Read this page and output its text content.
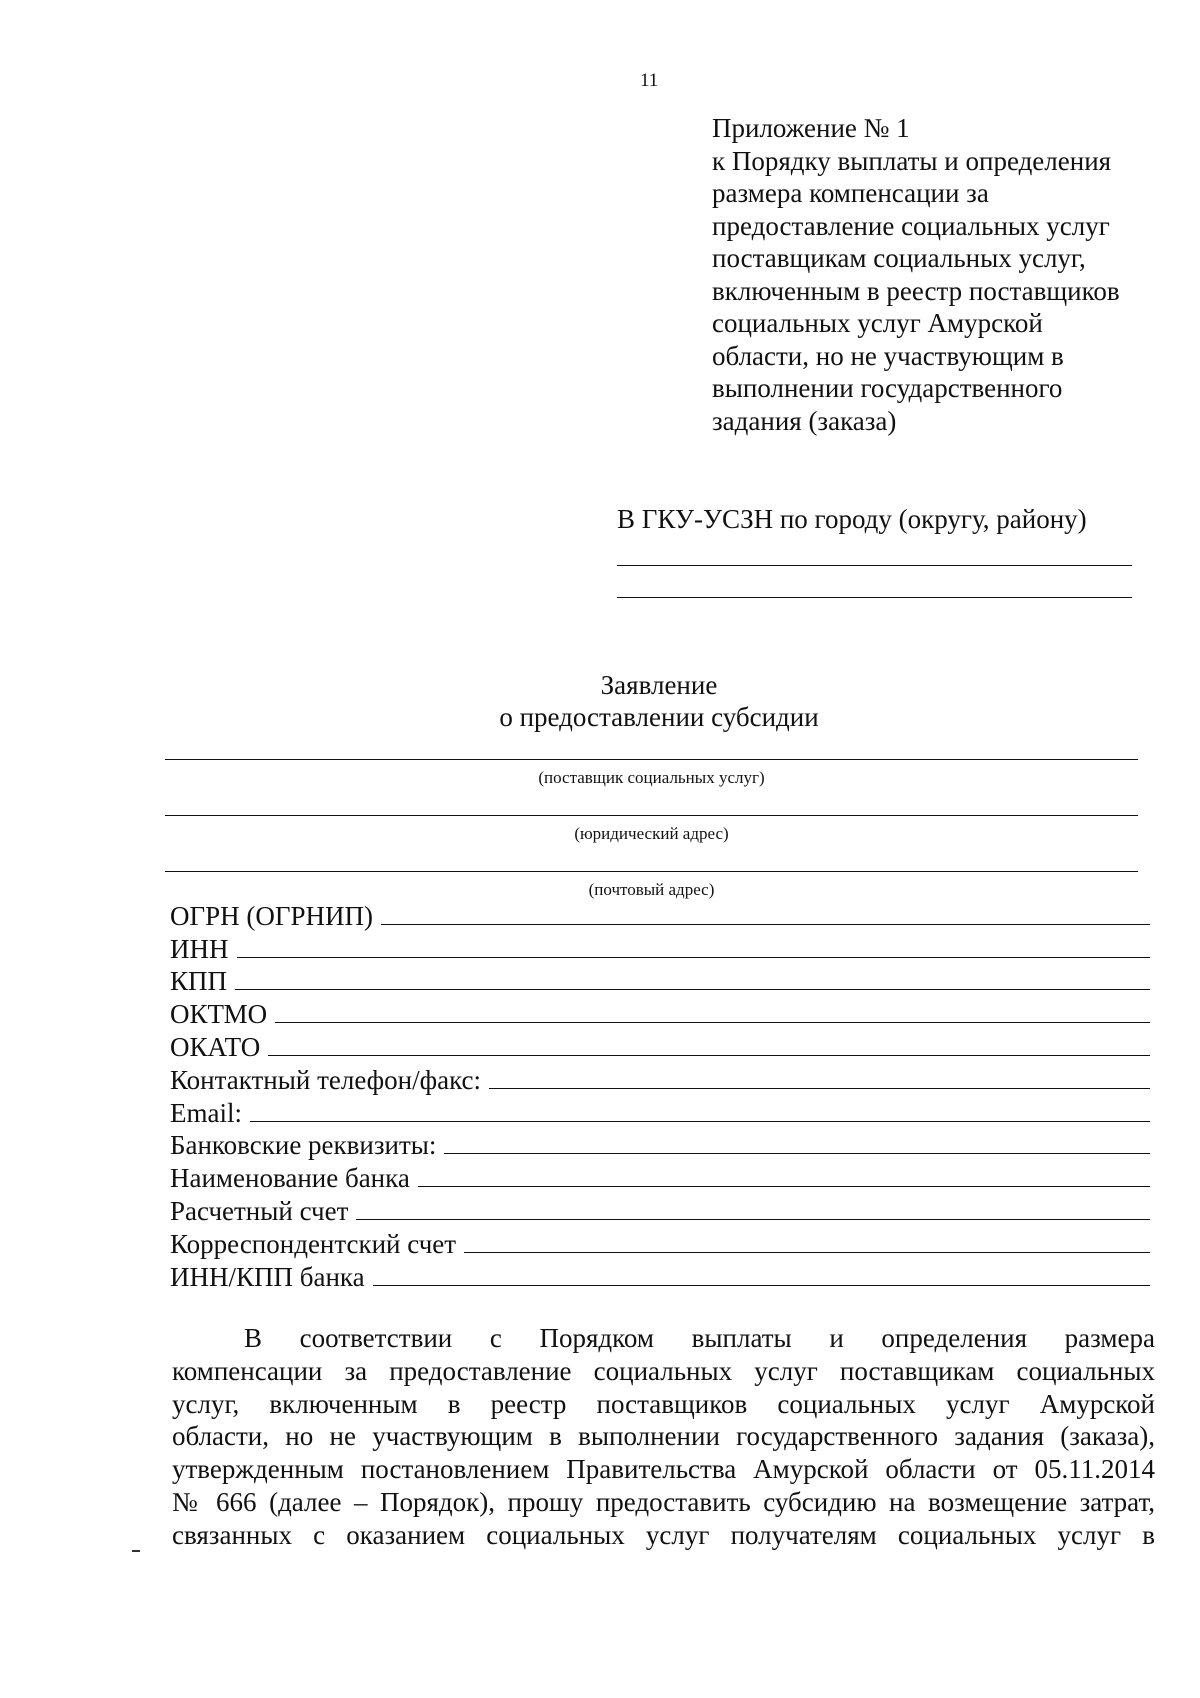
11
Приложение № 1
к Порядку выплаты и определения
размера компенсации за
предоставление социальных услуг
поставщикам социальных услуг,
включенным в реестр поставщиков
социальных услуг Амурской
области, но не участвующим в
выполнении государственного
задания (заказа)
В ГКУ-УСЗН по городу (округу, району)
Заявление
о предоставлении субсидии
(поставщик социальных услуг)
(юридический адрес)
(почтовый адрес)
ОГРН (ОГРНИП)
ИНН
КПП
ОКТМО
ОКАТО
Контактный телефон/факс:
Email:
Банковские реквизиты:
Наименование банка
Расчетный счет
Корреспондентский счет
ИНН/КПП банка
В соответствии с Порядком выплаты и определения размера
компенсации за предоставление социальных услуг поставщикам социальных
услуг, включенным в реестр поставщиков социальных услуг Амурской
области, но не участвующим в выполнении государственного задания (заказа),
утвержденным постановлением Правительства Амурской области от 05.11.2014
№ 666 (далее – Порядок), прошу предоставить субсидию на возмещение затрат,
связанных с оказанием социальных услуг получателям социальных услуг в
